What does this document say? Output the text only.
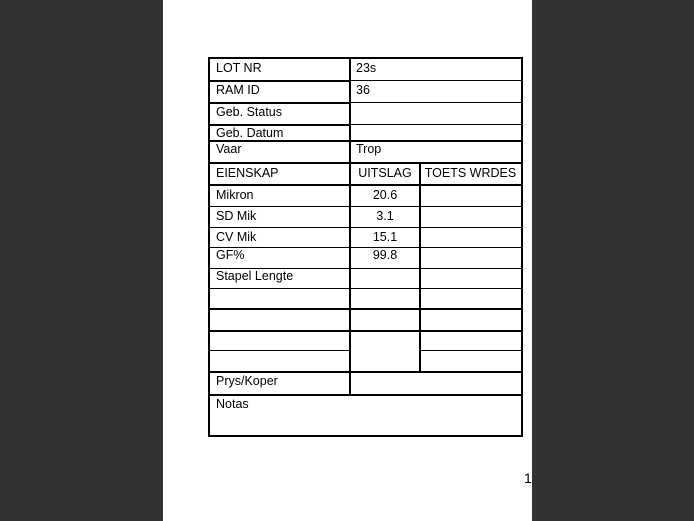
LOT NR	23s
RAM ID	36
Geb. Status
Geb. Datum
Vaar	Trop
EIENSKAP	UITSLAG	TOETS WRDES
Mikron	20.6
SD Mik	3.1
CV Mik	15.1
GF%	99.8
Stapel Lengte
Prys/Koper
Notas
1
